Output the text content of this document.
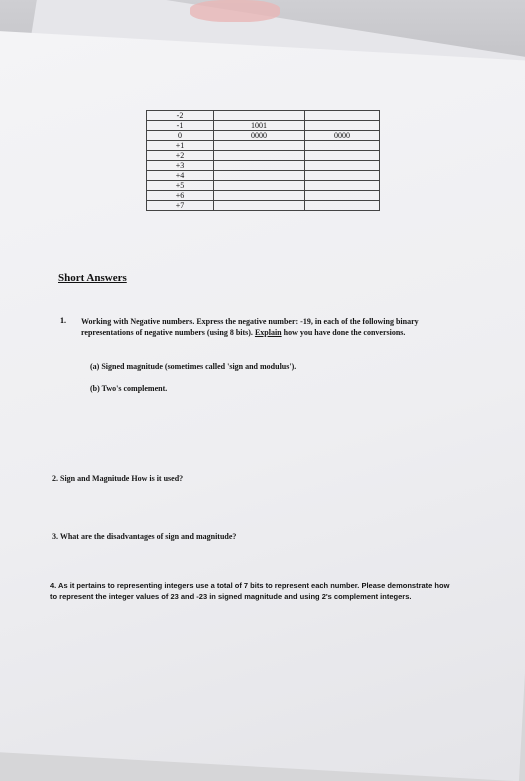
-2		
-1	1001	
0	0000	0000
+1		
+2		
+3		
+4		
+5		
+6		
+7		
Short Answers
1. Working with Negative numbers. Express the negative number: -19, in each of the following binary representations of negative numbers (using 8 bits). Explain how you have done the conversions.
(a) Signed magnitude (sometimes called 'sign and modulus').
(b) Two's complement.
2. Sign and Magnitude How is it used?
3. What are the disadvantages of sign and magnitude?
4. As it pertains to representing integers use a total of 7 bits to represent each number. Please demonstrate how to represent the integer values of 23 and -23 in signed magnitude and using 2's complement integers.
